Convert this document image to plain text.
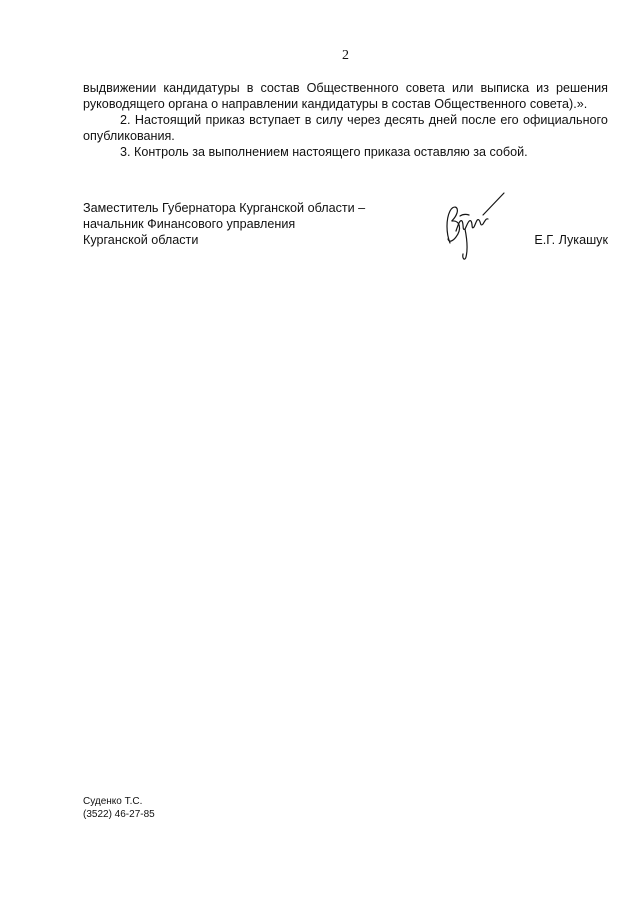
2
выдвижении кандидатуры в состав Общественного совета или выписка из решения
руководящего органа о направлении кандидатуры в состав Общественного совета).».
2. Настоящий приказ вступает в силу через десять дней после его официального
опубликования.
3. Контроль за выполнением настоящего приказа оставляю за собой.
Заместитель Губернатора Курганской области –
начальник Финансового управления
Курганской области	Е.Г. Лукашук
Суденко Т.С.
(3522) 46-27-85
